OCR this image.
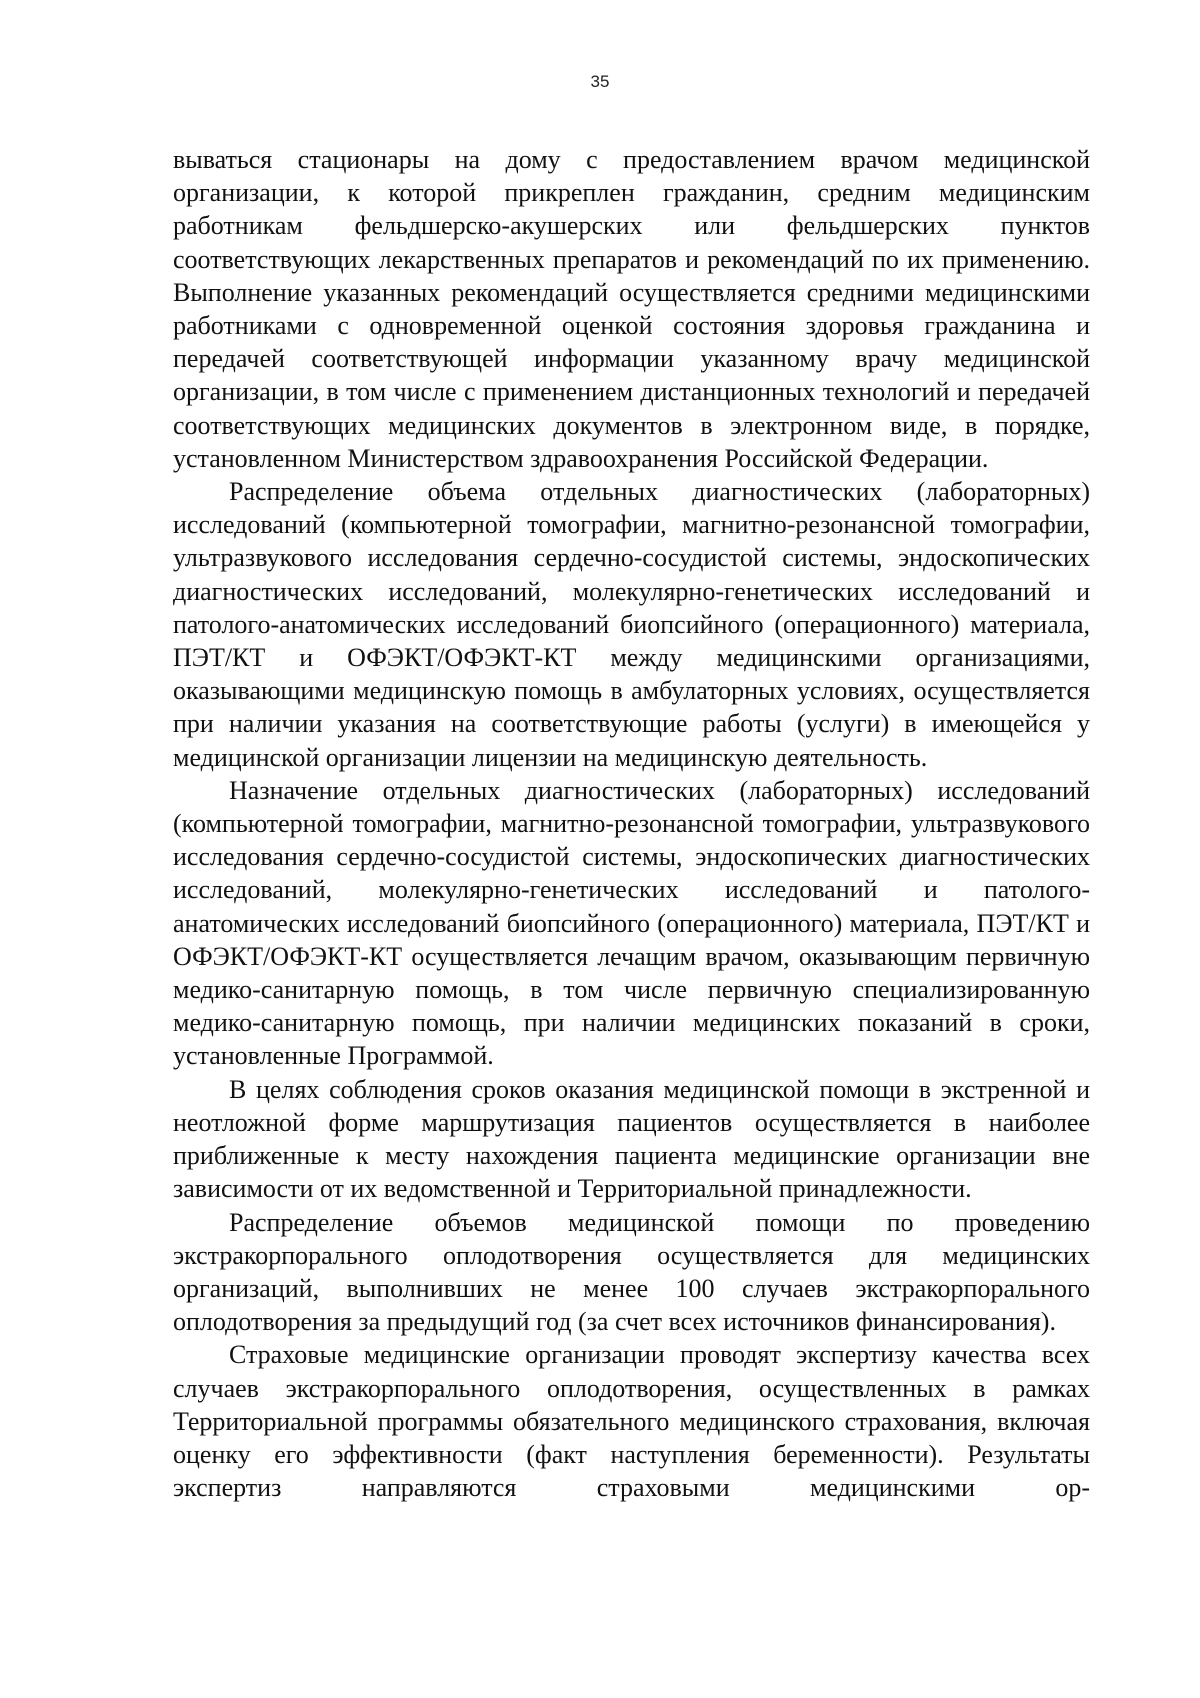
35

вываться стационары на дому с предоставлением врачом медицинской организации, к которой прикреплен гражданин, средним медицинским работникам фельдшерско-акушерских или фельдшерских пунктов соответствующих лекарственных препаратов и рекомендаций по их применению. Выполнение указанных рекомендаций осуществляется средними медицинскими работниками с одновременной оценкой состояния здоровья гражданина и передачей соответствующей информации указанному врачу медицинской организации, в том числе с применением дистанционных технологий и передачей соответствующих медицинских документов в электронном виде, в порядке, установленном Министерством здравоохранения Российской Федерации.

Распределение объема отдельных диагностических (лабораторных) исследований (компьютерной томографии, магнитно-резонансной томографии, ультразвукового исследования сердечно-сосудистой системы, эндоскопических диагностических исследований, молекулярно-генетических исследований и патолого-анатомических исследований биопсийного (операционного) материала, ПЭТ/КТ и ОФЭКТ/ОФЭКТ-КТ между медицинскими организациями, оказывающими медицинскую помощь в амбулаторных условиях, осуществляется при наличии указания на соответствующие работы (услуги) в имеющейся у медицинской организации лицензии на медицинскую деятельность.

Назначение отдельных диагностических (лабораторных) исследований (компьютерной томографии, магнитно-резонансной томографии, ультразвукового исследования сердечно-сосудистой системы, эндоскопических диагностических исследований, молекулярно-генетических исследований и патолого-анатомических исследований биопсийного (операционного) материала, ПЭТ/КТ и ОФЭКТ/ОФЭКТ-КТ осуществляется лечащим врачом, оказывающим первичную медико-санитарную помощь, в том числе первичную специализированную медико-санитарную помощь, при наличии медицинских показаний в сроки, установленные Программой.

В целях соблюдения сроков оказания медицинской помощи в экстренной и неотложной форме маршрутизация пациентов осуществляется в наиболее приближенные к месту нахождения пациента медицинские организации вне зависимости от их ведомственной и Территориальной принадлежности.

Распределение объемов медицинской помощи по проведению экстракорпорального оплодотворения осуществляется для медицинских организаций, выполнивших не менее 100 случаев экстракорпорального оплодотворения за предыдущий год (за счет всех источников финансирования).

Страховые медицинские организации проводят экспертизу качества всех случаев экстракорпорального оплодотворения, осуществленных в рамках Территориальной программы обязательного медицинского страхования, включая оценку его эффективности (факт наступления беременности). Результаты экспертиз направляются страховыми медицинскими ор-
